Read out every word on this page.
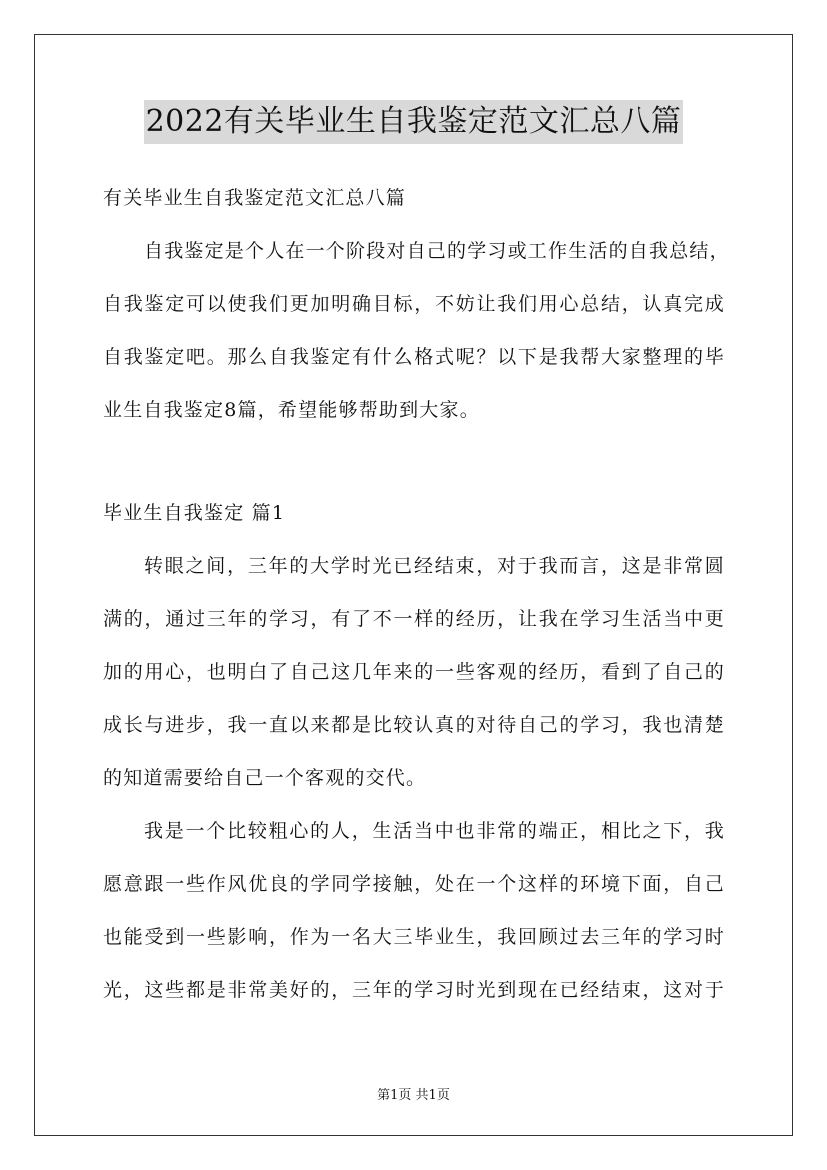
2022有关毕业生自我鉴定范文汇总八篇
有关毕业生自我鉴定范文汇总八篇
自我鉴定是个人在一个阶段对自己的学习或工作生活的自我总结，
自我鉴定可以使我们更加明确目标，不妨让我们用心总结，认真完成
自我鉴定吧。那么自我鉴定有什么格式呢？以下是我帮大家整理的毕
业生自我鉴定8篇，希望能够帮助到大家。
毕业生自我鉴定 篇1
转眼之间，三年的大学时光已经结束，对于我而言，这是非常圆
满的，通过三年的学习，有了不一样的经历，让我在学习生活当中更
加的用心，也明白了自己这几年来的一些客观的经历，看到了自己的
成长与进步，我一直以来都是比较认真的对待自己的学习，我也清楚
的知道需要给自己一个客观的交代。
我是一个比较粗心的人，生活当中也非常的端正，相比之下，我
愿意跟一些作风优良的学同学接触，处在一个这样的环境下面，自己
也能受到一些影响，作为一名大三毕业生，我回顾过去三年的学习时
光，这些都是非常美好的，三年的学习时光到现在已经结束，这对于
第1页 共1页
